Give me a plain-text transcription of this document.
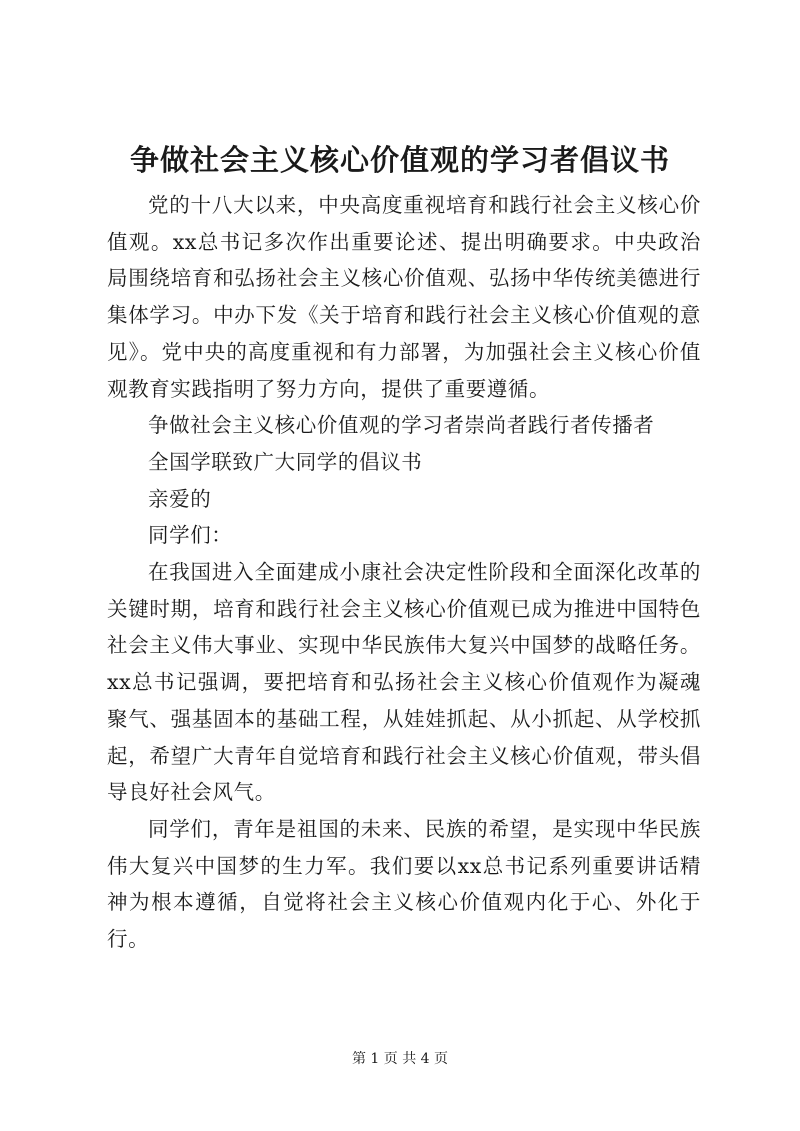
争做社会主义核心价值观的学习者倡议书

党的十八大以来，中央高度重视培育和践行社会主义核心价值观。xx总书记多次作出重要论述、提出明确要求。中央政治局围绕培育和弘扬社会主义核心价值观、弘扬中华传统美德进行集体学习。中办下发《关于培育和践行社会主义核心价值观的意见》。党中央的高度重视和有力部署，为加强社会主义核心价值观教育实践指明了努力方向，提供了重要遵循。

争做社会主义核心价值观的学习者崇尚者践行者传播者

全国学联致广大同学的倡议书

亲爱的

同学们：

在我国进入全面建成小康社会决定性阶段和全面深化改革的关键时期，培育和践行社会主义核心价值观已成为推进中国特色社会主义伟大事业、实现中华民族伟大复兴中国梦的战略任务。xx总书记强调，要把培育和弘扬社会主义核心价值观作为凝魂聚气、强基固本的基础工程，从娃娃抓起、从小抓起、从学校抓起，希望广大青年自觉培育和践行社会主义核心价值观，带头倡导良好社会风气。

同学们，青年是祖国的未来、民族的希望，是实现中华民族伟大复兴中国梦的生力军。我们要以xx总书记系列重要讲话精神为根本遵循，自觉将社会主义核心价值观内化于心、外化于行。

第 1 页 共 4 页
